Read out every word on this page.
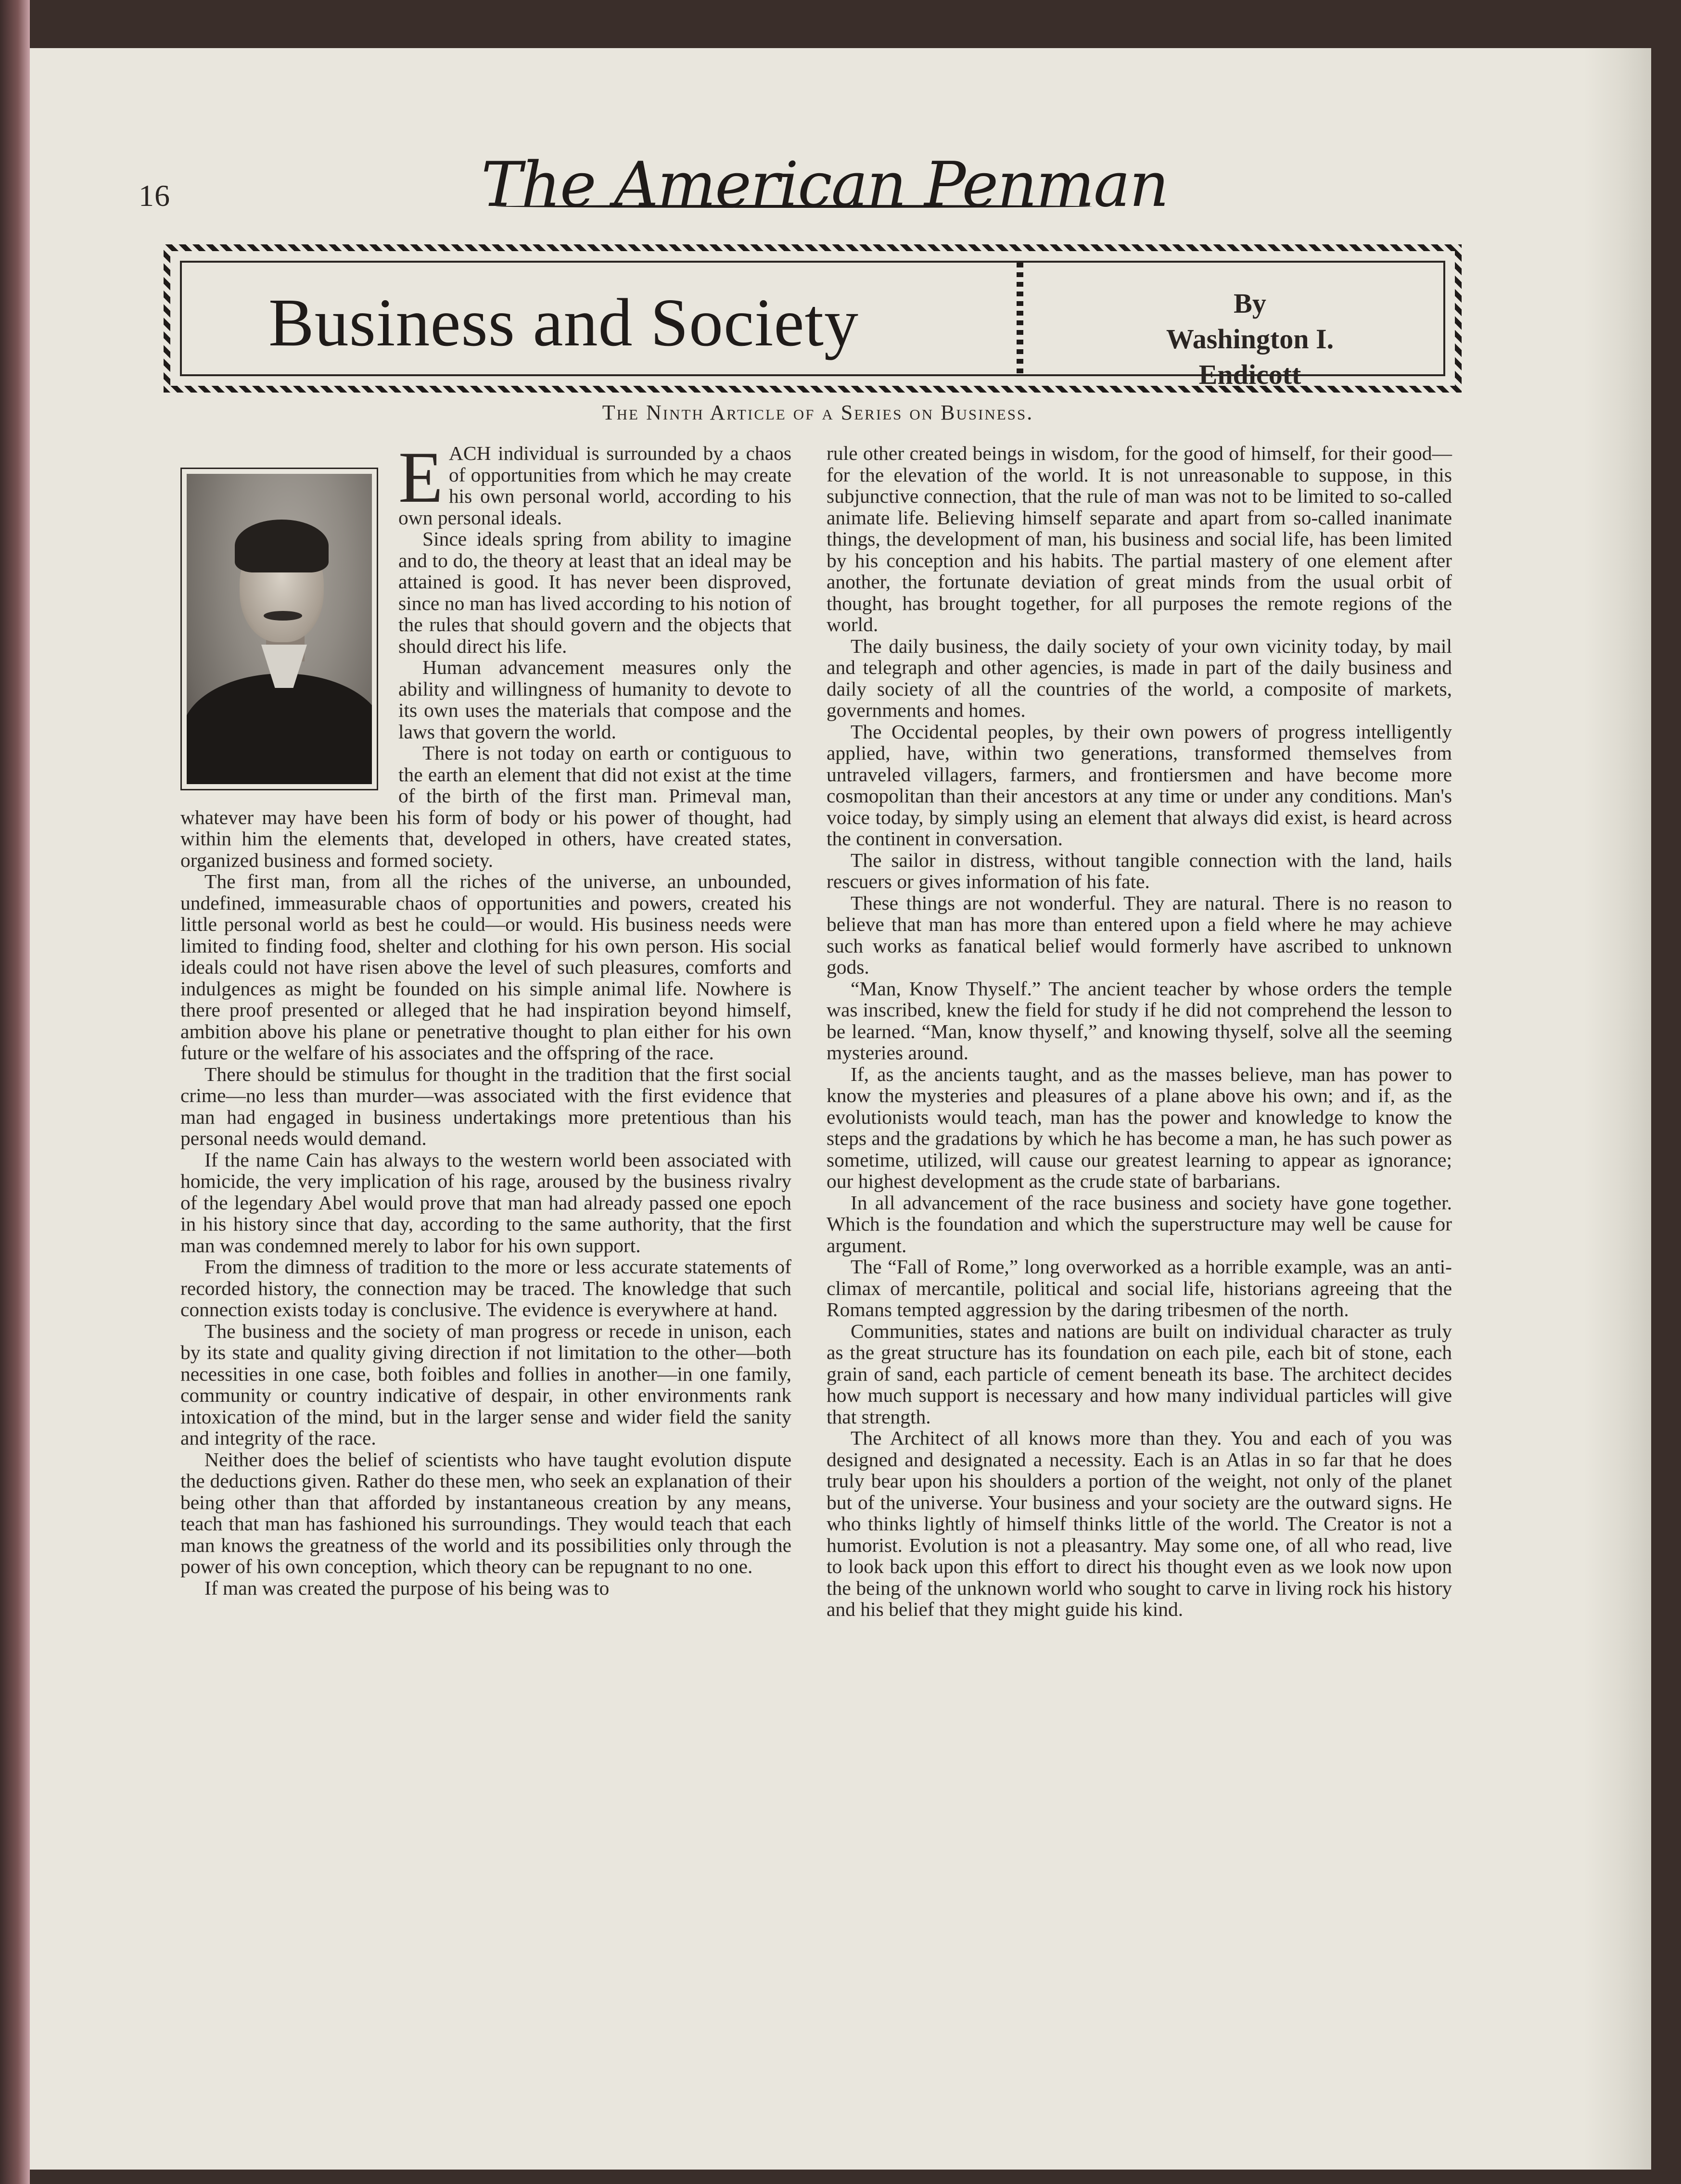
16	The American Penman
Business and Society	By
Washington I. Endicott
The Ninth Article of a Series on Business.

EACH individual is surrounded by a chaos of opportunities from which he may create his own personal world, according to his own personal ideals.

Since ideals spring from ability to imagine and to do, the theory at least that an ideal may be attained is good. It has never been disproved, since no man has lived according to his notion of the rules that should govern and the objects that should direct his life.

Human advancement measures only the ability and willingness of humanity to devote to its own uses the materials that compose and the laws that govern the world.

There is not today on earth or contiguous to the earth an element that did not exist at the time of the birth of the first man. Primeval man, whatever may have been his form of body or his power of thought, had within him the elements that, developed in others, have created states, organized business and formed society.

The first man, from all the riches of the universe, an unbounded, undefined, immeasurable chaos of opportunities and powers, created his little personal world as best he could—or would. His business needs were limited to finding food, shelter and clothing for his own person. His social ideals could not have risen above the level of such pleasures, comforts and indulgences as might be founded on his simple animal life. Nowhere is there proof presented or alleged that he had inspiration beyond himself, ambition above his plane or penetrative thought to plan either for his own future or the welfare of his associates and the offspring of the race.

There should be stimulus for thought in the tradition that the first social crime—no less than murder—was associated with the first evidence that man had engaged in business undertakings more pretentious than his personal needs would demand.

If the name Cain has always to the western world been associated with homicide, the very implication of his rage, aroused by the business rivalry of the legendary Abel would prove that man had already passed one epoch in his history since that day, according to the same authority, that the first man was condemned merely to labor for his own support.

From the dimness of tradition to the more or less accurate statements of recorded history, the connection may be traced. The knowledge that such connection exists today is conclusive. The evidence is everywhere at hand.

The business and the society of man progress or recede in unison, each by its state and quality giving direction if not limitation to the other—both necessities in one case, both foibles and follies in another—in one family, community or country indicative of despair, in other environments rank intoxication of the mind, but in the larger sense and wider field the sanity and integrity of the race.

Neither does the belief of scientists who have taught evolution dispute the deductions given. Rather do these men, who seek an explanation of their being other than that afforded by instantaneous creation by any means, teach that man has fashioned his surroundings. They would teach that each man knows the greatness of the world and its possibilities only through the power of his own conception, which theory can be repugnant to no one.

If man was created the purpose of his being was to

rule other created beings in wisdom, for the good of himself, for their good—for the elevation of the world. It is not unreasonable to suppose, in this subjunctive connection, that the rule of man was not to be limited to so-called animate life. Believing himself separate and apart from so-called inanimate things, the development of man, his business and social life, has been limited by his conception and his habits. The partial mastery of one element after another, the fortunate deviation of great minds from the usual orbit of thought, has brought together, for all purposes the remote regions of the world.

The daily business, the daily society of your own vicinity today, by mail and telegraph and other agencies, is made in part of the daily business and daily society of all the countries of the world, a composite of markets, governments and homes.

The Occidental peoples, by their own powers of progress intelligently applied, have, within two generations, transformed themselves from untraveled villagers, farmers, and frontiersmen and have become more cosmopolitan than their ancestors at any time or under any conditions. Man's voice today, by simply using an element that always did exist, is heard across the continent in conversation.

The sailor in distress, without tangible connection with the land, hails rescuers or gives information of his fate.

These things are not wonderful. They are natural. There is no reason to believe that man has more than entered upon a field where he may achieve such works as fanatical belief would formerly have ascribed to unknown gods.

“Man, Know Thyself.” The ancient teacher by whose orders the temple was inscribed, knew the field for study if he did not comprehend the lesson to be learned. “Man, know thyself,” and knowing thyself, solve all the seeming mysteries around.

If, as the ancients taught, and as the masses believe, man has power to know the mysteries and pleasures of a plane above his own; and if, as the evolutionists would teach, man has the power and knowledge to know the steps and the gradations by which he has become a man, he has such power as sometime, utilized, will cause our greatest learning to appear as ignorance; our highest development as the crude state of barbarians.

In all advancement of the race business and society have gone together. Which is the foundation and which the superstructure may well be cause for argument.

The “Fall of Rome,” long overworked as a horrible example, was an anti-climax of mercantile, political and social life, historians agreeing that the Romans tempted aggression by the daring tribesmen of the north.

Communities, states and nations are built on individual character as truly as the great structure has its foundation on each pile, each bit of stone, each grain of sand, each particle of cement beneath its base. The architect decides how much support is necessary and how many individual particles will give that strength.

The Architect of all knows more than they. You and each of you was designed and designated a necessity. Each is an Atlas in so far that he does truly bear upon his shoulders a portion of the weight, not only of the planet but of the universe. Your business and your society are the outward signs. He who thinks lightly of himself thinks little of the world. The Creator is not a humorist. Evolution is not a pleasantry. May some one, of all who read, live to look back upon this effort to direct his thought even as we look now upon the being of the unknown world who sought to carve in living rock his history and his belief that they might guide his kind.
